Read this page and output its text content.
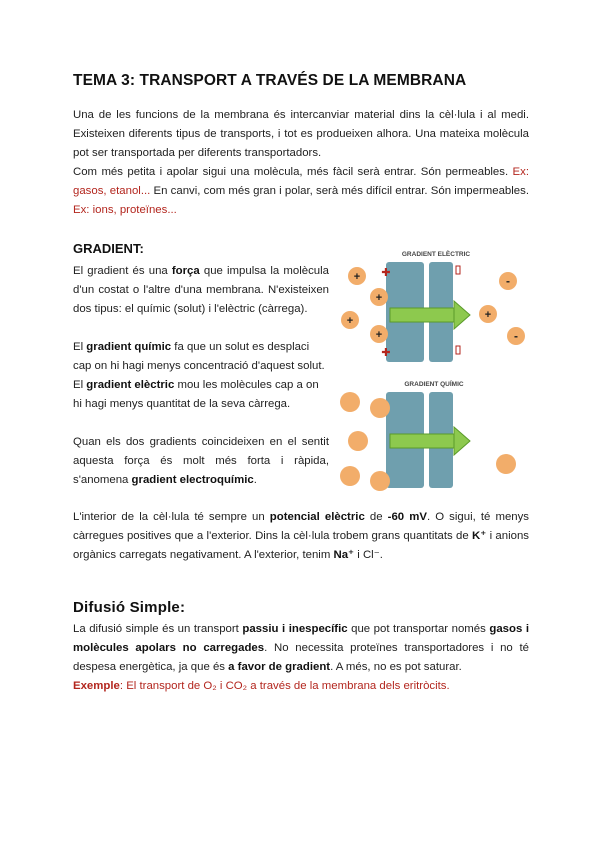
TEMA 3: TRANSPORT A TRAVÉS DE LA MEMBRANA
Una de les funcions de la membrana és intercanviar material dins la cèl·lula i al medi. Existeixen diferents tipus de transports, i tot es produeixen alhora. Una mateixa molècula pot ser transportada per diferents transportadors.
Com més petita i apolar sigui una molècula, més fàcil serà entrar. Són permeables. Ex: gasos, etanol... En canvi, com més gran i polar, serà més difícil entrar. Són impermeables. Ex: ions, proteïnes...
GRADIENT:
El gradient és una força que impulsa la molècula d'un costat o l'altre d'una membrana. N'existeixen dos tipus: el químic (solut) i l'elèctric (càrrega).
El gradient químic fa que un solut es desplaci cap on hi hagi menys concentració d'aquest solut.
El gradient elèctric mou les molècules cap a on hi hagi menys quantitat de la seva càrrega.
Quan els dos gradients coincideixen en el sentit aquesta força és molt més forta i ràpida, s'anomena gradient electroquímic.
L'interior de la cèl·lula té sempre un potencial elèctric de -60 mV. O sigui, té menys càrregues positives que a l'exterior. Dins la cèl·lula trobem grans quantitats de K⁺ i anions orgànics carregats negativament. A l'exterior, tenim Na⁺ i Cl⁻.
GRADIENT ELÈCTRIC
+
+
+
+
+
-
-
✚
✚
GRADIENT QUÍMIC
Difusió Simple:
La difusió simple és un transport passiu i inespecífic que pot transportar només gasos i molècules apolars no carregades. No necessita proteïnes transportadores i no té despesa energètica, ja que és a favor de gradient. A més, no es pot saturar.
Exemple: El transport de O₂ i CO₂ a través de la membrana dels eritròcits.
